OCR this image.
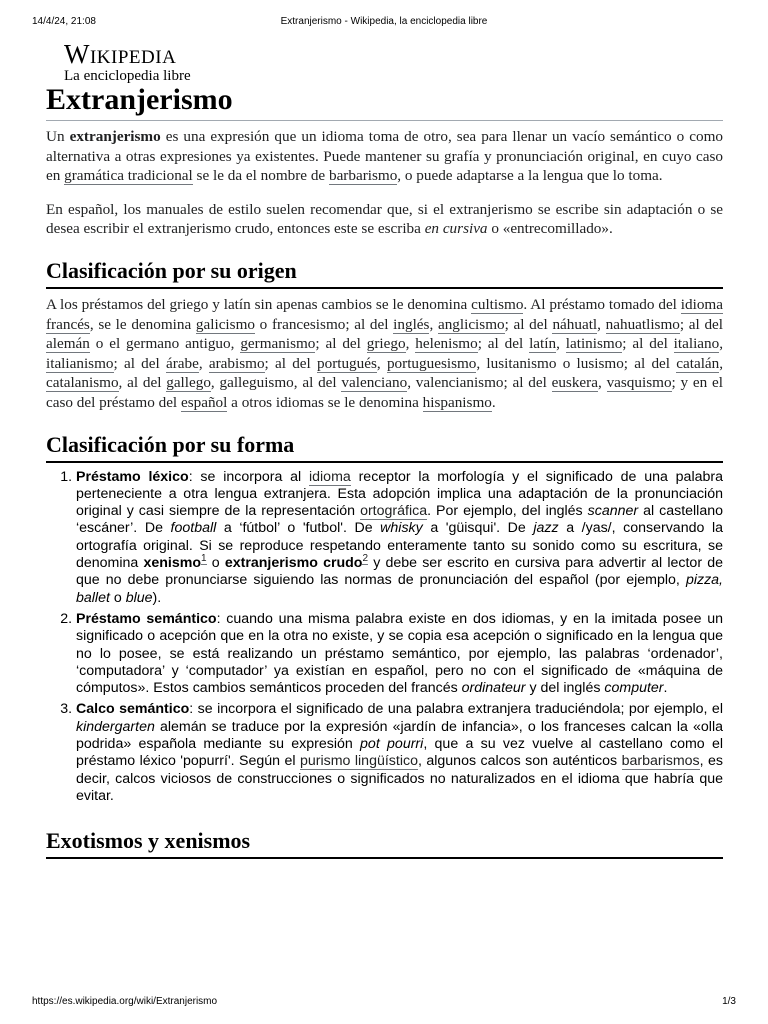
14/4/24, 21:08	Extranjerismo - Wikipedia, la enciclopedia libre
Wikipedia
La enciclopedia libre
Extranjerismo

Un extranjerismo es una expresión que un idioma toma de otro, sea para llenar un vacío semántico o como alternativa a otras expresiones ya existentes. Puede mantener su grafía y pronunciación original, en cuyo caso en gramática tradicional se le da el nombre de barbarismo, o puede adaptarse a la lengua que lo toma.

En español, los manuales de estilo suelen recomendar que, si el extranjerismo se escribe sin adaptación o se desea escribir el extranjerismo crudo, entonces este se escriba en cursiva o «entrecomillado».

Clasificación por su origen

A los préstamos del griego y latín sin apenas cambios se le denomina cultismo. Al préstamo tomado del idioma francés, se le denomina galicismo o francesismo; al del inglés, anglicismo; al del náhuatl, nahuatlismo; al del alemán o el germano antiguo, germanismo; al del griego, helenismo; al del latín, latinismo; al del italiano, italianismo; al del árabe, arabismo; al del portugués, portuguesismo, lusitanismo o lusismo; al del catalán, catalanismo, al del gallego, galleguismo, al del valenciano, valencianismo; al del euskera, vasquismo; y en el caso del préstamo del español a otros idiomas se le denomina hispanismo.

Clasificación por su forma
1. Préstamo léxico: se incorpora al idioma receptor la morfología y el significado de una palabra perteneciente a otra lengua extranjera. Esta adopción implica una adaptación de la pronunciación original y casi siempre de la representación ortográfica. Por ejemplo, del inglés scanner al castellano ‘escáner’. De football a ‘fútbol’ o 'futbol'. De whisky a 'güisqui'. De jazz a /yas/, conservando la ortografía original. Si se reproduce respetando enteramente tanto su sonido como su escritura, se denomina xenismo$^1$ o extranjerismo crudo$^2$ y debe ser escrito en cursiva para advertir al lector de que no debe pronunciarse siguiendo las normas de pronunciación del español (por ejemplo, pizza, ballet o blue).
2. Préstamo semántico: cuando una misma palabra existe en dos idiomas, y en la imitada posee un significado o acepción que en la otra no existe, y se copia esa acepción o significado en la lengua que no lo posee, se está realizando un préstamo semántico, por ejemplo, las palabras ‘ordenador’, ‘computadora’ y ‘computador’ ya existían en español, pero no con el significado de «máquina de cómputos». Estos cambios semánticos proceden del francés ordinateur y del inglés computer.
3. Calco semántico: se incorpora el significado de una palabra extranjera traduciéndola; por ejemplo, el kindergarten alemán se traduce por la expresión «jardín de infancia», o los franceses calcan la «olla podrida» española mediante su expresión pot pourri, que a su vez vuelve al castellano como el préstamo léxico 'popurrí'. Según el purismo lingüístico, algunos calcos son auténticos barbarismos, es decir, calcos viciosos de construcciones o significados no naturalizados en el idioma que habría que evitar.
Exotismos y xenismos
https://es.wikipedia.org/wiki/Extranjerismo	1/3
